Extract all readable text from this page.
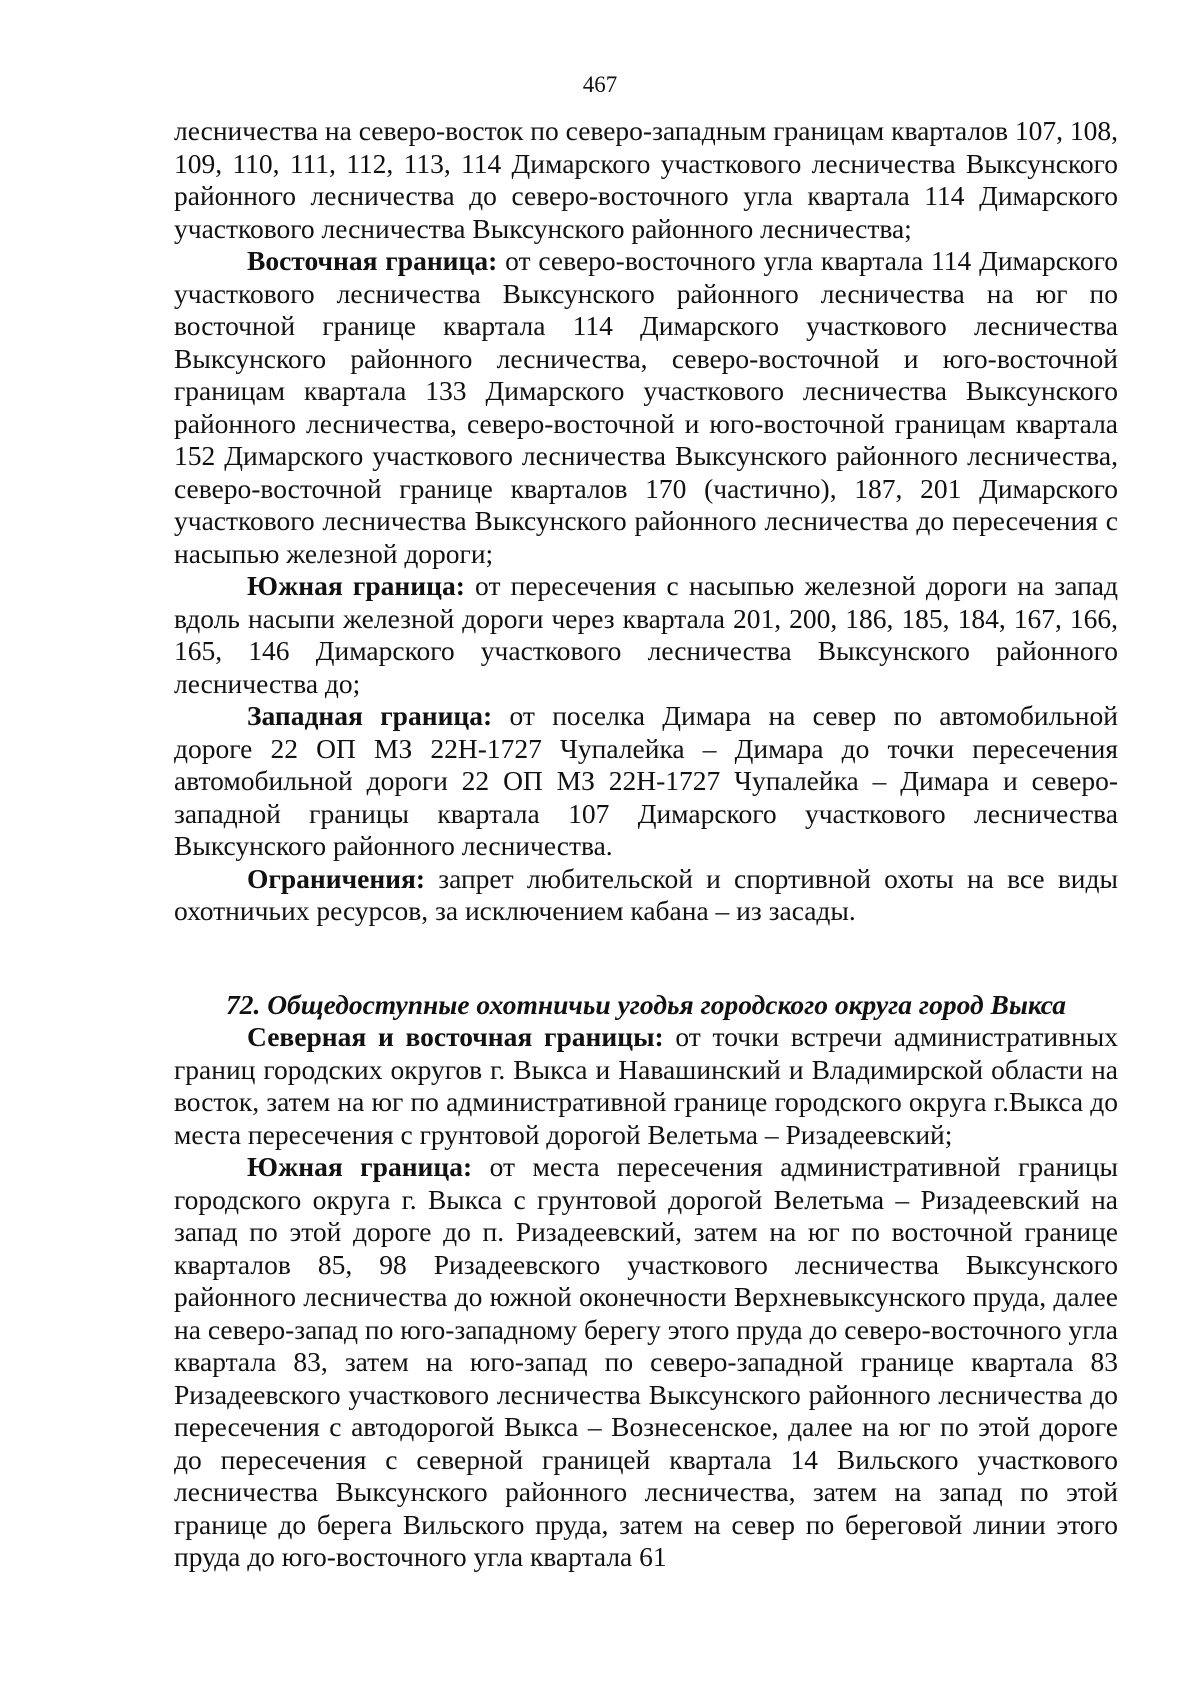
467

лесничества на северо-восток по северо-западным границам кварталов 107, 108, 109, 110, 111, 112, 113, 114 Димарского участкового лесничества Выксунского районного лесничества до северо-восточного угла квартала 114 Димарского участкового лесничества Выксунского районного лесничества;

Восточная граница: от северо-восточного угла квартала 114 Димарского участкового лесничества Выксунского районного лесничества на юг по восточной границе квартала 114 Димарского участкового лесничества Выксунского районного лесничества, северо-восточной и юго-восточной границам квартала 133 Димарского участкового лесничества Выксунского районного лесничества, северо-восточной и юго-восточной границам квартала 152 Димарского участкового лесничества Выксунского районного лесничества, северо-восточной границе кварталов 170 (частично), 187, 201 Димарского участкового лесничества Выксунского районного лесничества до пересечения с насыпью железной дороги;

Южная граница: от пересечения с насыпью железной дороги на запад вдоль насыпи железной дороги через квартала 201, 200, 186, 185, 184, 167, 166, 165, 146 Димарского участкового лесничества Выксунского районного лесничества до;

Западная граница: от поселка Димара на север по автомобильной дороге 22 ОП МЗ 22Н-1727 Чупалейка – Димара до точки пересечения автомобильной дороги 22 ОП МЗ 22Н-1727 Чупалейка – Димара и северо-западной границы квартала 107 Димарского участкового лесничества Выксунского районного лесничества.

Ограничения: запрет любительской и спортивной охоты на все виды охотничьих ресурсов, за исключением кабана – из засады.

72. Общедоступные охотничьи угодья городского округа город Выкса

Северная и восточная границы: от точки встречи административных границ городских округов г. Выкса и Навашинский и Владимирской области на восток, затем на юг по административной границе городского округа г.Выкса до места пересечения с грунтовой дорогой Велетьма – Ризадеевский;

Южная граница: от места пересечения административной границы городского округа г. Выкса с грунтовой дорогой Велетьма – Ризадеевский на запад по этой дороге до п. Ризадеевский, затем на юг по восточной границе кварталов 85, 98 Ризадеевского участкового лесничества Выксунского районного лесничества до южной оконечности Верхневыксунского пруда, далее на северо-запад по юго-западному берегу этого пруда до северо-восточного угла квартала 83, затем на юго-запад по северо-западной границе квартала 83 Ризадеевского участкового лесничества Выксунского районного лесничества до пересечения с автодорогой Выкса – Вознесенское, далее на юг по этой дороге до пересечения с северной границей квартала 14 Вильского участкового лесничества Выксунского районного лесничества, затем на запад по этой границе до берега Вильского пруда, затем на север по береговой линии этого пруда до юго-восточного угла квартала 61
